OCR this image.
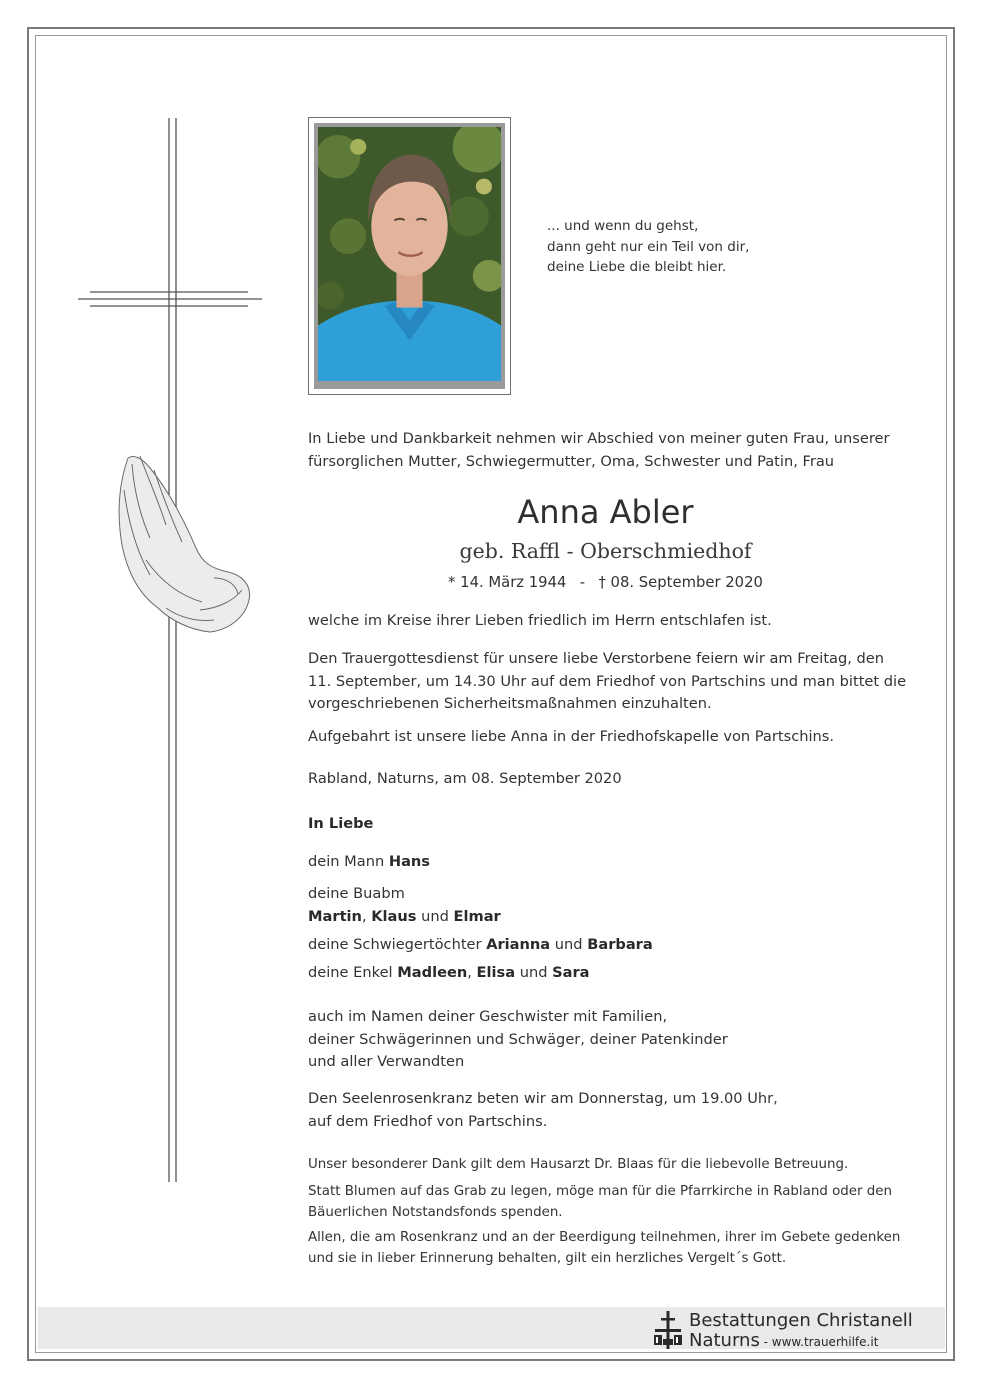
... und wenn du gehst,
dann geht nur ein Teil von dir,
deine Liebe die bleibt hier.
In Liebe und Dankbarkeit nehmen wir Abschied von meiner guten Frau, unserer
fürsorglichen Mutter, Schwiegermutter, Oma, Schwester und Patin, Frau
Anna Abler
geb. Raffl - Oberschmiedhof
* 14. März 1944 - † 08. September 2020
welche im Kreise ihrer Lieben friedlich im Herrn entschlafen ist.
Den Trauergottesdienst für unsere liebe Verstorbene feiern wir am Freitag, den
11. September, um 14.30 Uhr auf dem Friedhof von Partschins und man bittet die
vorgeschriebenen Sicherheitsmaßnahmen einzuhalten.
Aufgebahrt ist unsere liebe Anna in der Friedhofskapelle von Partschins.
Rabland, Naturns, am 08. September 2020
In Liebe
dein Mann Hans
deine Buabm
Martin, Klaus und Elmar
deine Schwiegertöchter Arianna und Barbara
deine Enkel Madleen, Elisa und Sara
auch im Namen deiner Geschwister mit Familien,
deiner Schwägerinnen und Schwäger, deiner Patenkinder
und aller Verwandten
Den Seelenrosenkranz beten wir am Donnerstag, um 19.00 Uhr,
auf dem Friedhof von Partschins.
Unser besonderer Dank gilt dem Hausarzt Dr. Blaas für die liebevolle Betreuung.
Statt Blumen auf das Grab zu legen, möge man für die Pfarrkirche in Rabland oder den
Bäuerlichen Notstandsfonds spenden.
Allen, die am Rosenkranz und an der Beerdigung teilnehmen, ihrer im Gebete gedenken
und sie in lieber Erinnerung behalten, gilt ein herzliches Vergelt´s Gott.
Bestattungen Christanell
Naturns - www.trauerhilfe.it
